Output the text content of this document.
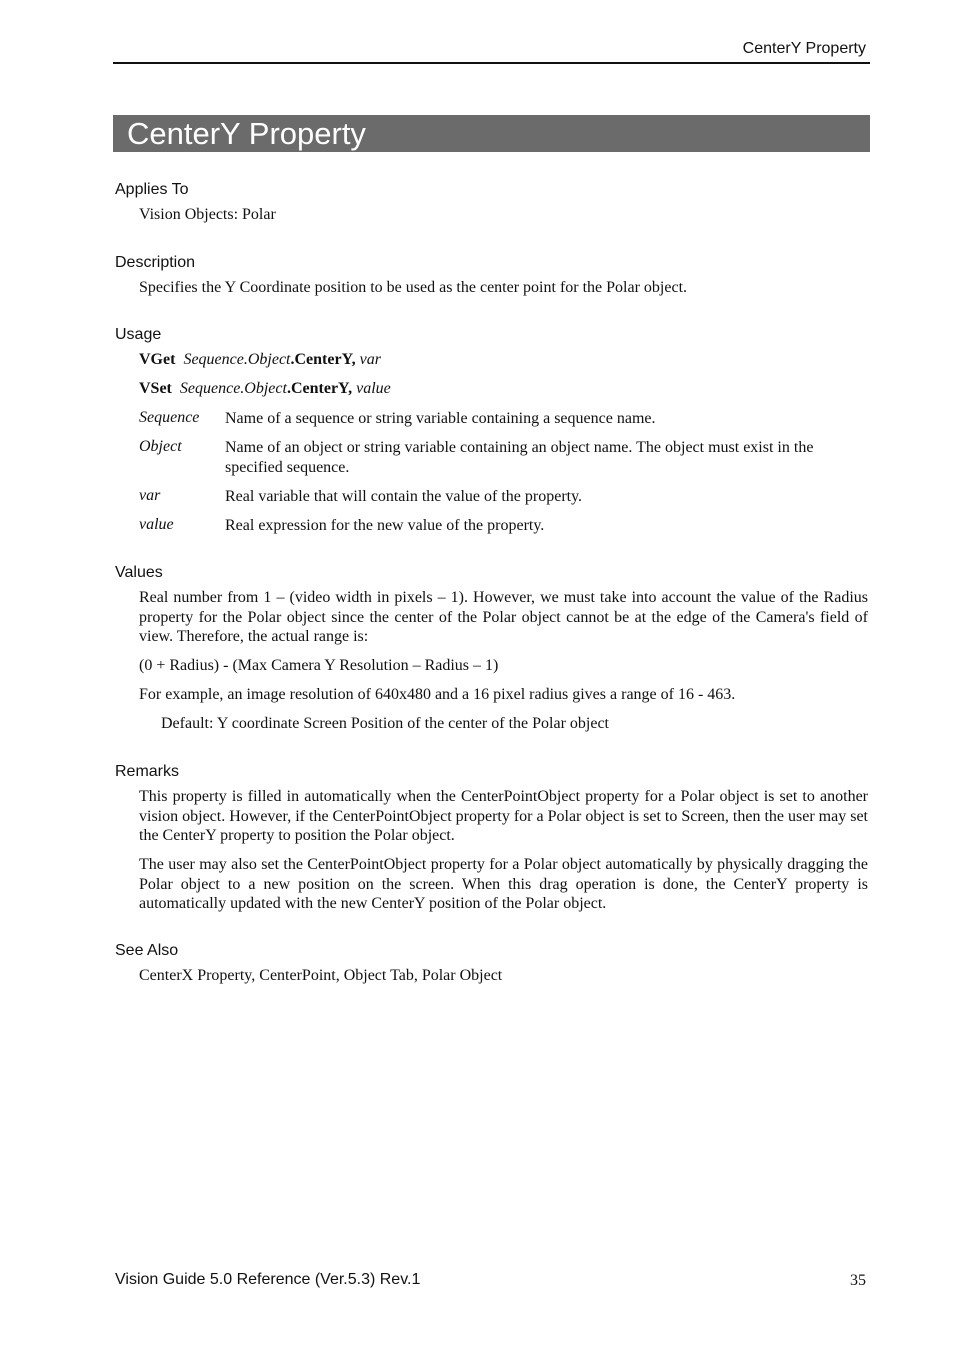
CenterY Property
CenterY Property
Applies To
Vision Objects: Polar
Description
Specifies the Y Coordinate position to be used as the center point for the Polar object.
Usage
VGet Sequence.Object.CenterY, var
VSet Sequence.Object.CenterY, value
Sequence Name of a sequence or string variable containing a sequence name.
Object	Name of an object or string variable containing an object name. The object must exist in the specified sequence.
var	Real variable that will contain the value of the property.
value	Real expression for the new value of the property.
Values
Real number from 1 – (video width in pixels – 1). However, we must take into account the value of the Radius property for the Polar object since the center of the Polar object cannot be at the edge of the Camera's field of view. Therefore, the actual range is:
(0 + Radius) - (Max Camera Y Resolution – Radius – 1)
For example, an image resolution of 640x480 and a 16 pixel radius gives a range of 16 - 463.
Default: Y coordinate Screen Position of the center of the Polar object
Remarks
This property is filled in automatically when the CenterPointObject property for a Polar object is set to another vision object. However, if the CenterPointObject property for a Polar object is set to Screen, then the user may set the CenterY property to position the Polar object.
The user may also set the CenterPointObject property for a Polar object automatically by physically dragging the Polar object to a new position on the screen. When this drag operation is done, the CenterY property is automatically updated with the new CenterY position of the Polar object.
See Also
CenterX Property, CenterPoint, Object Tab, Polar Object
Vision Guide 5.0 Reference (Ver.5.3) Rev.1	35
